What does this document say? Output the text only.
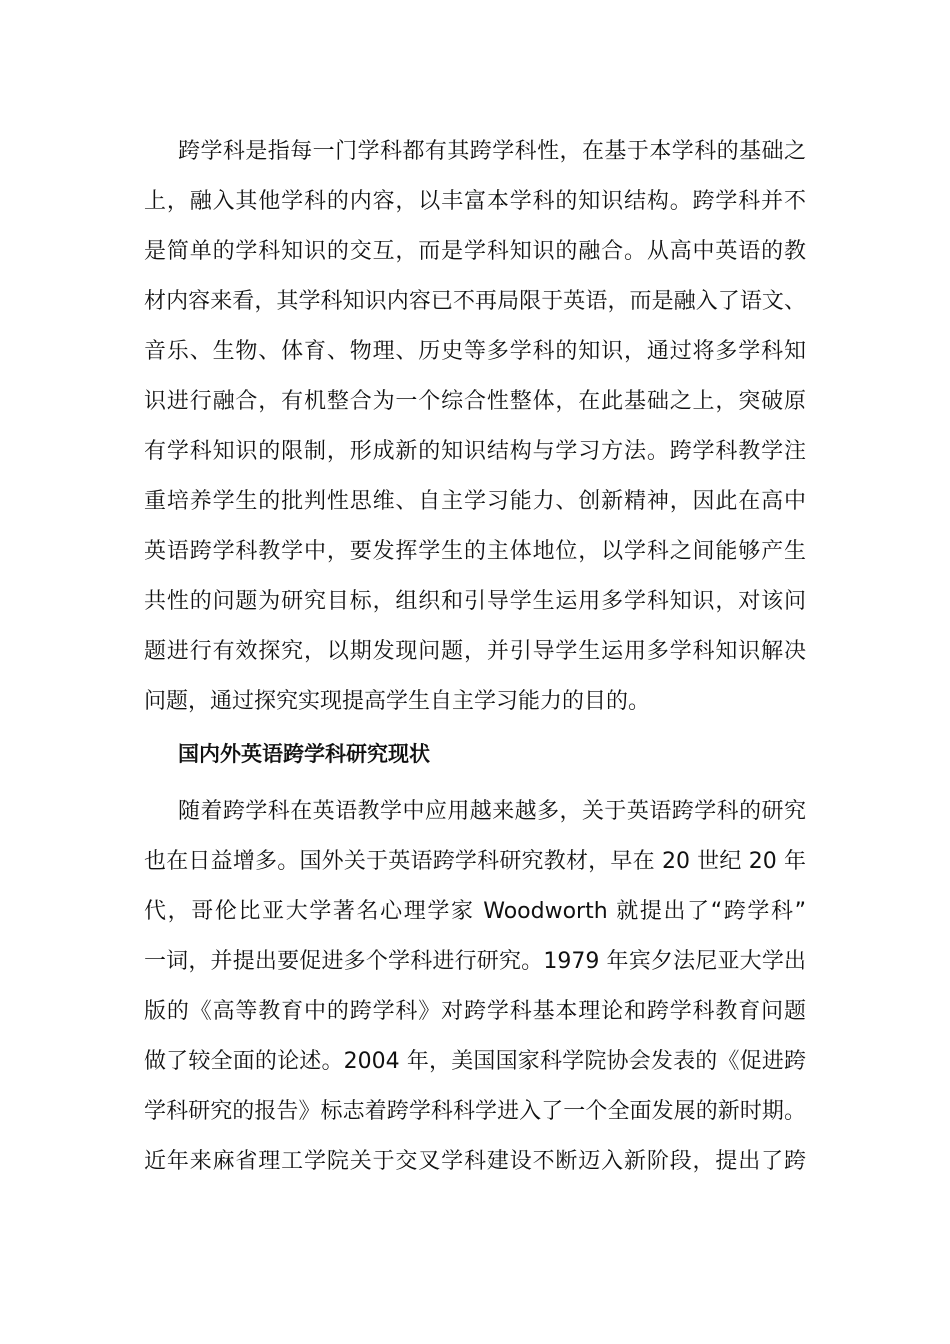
跨学科是指每一门学科都有其跨学科性，在基于本学科的基础之
上，融入其他学科的内容，以丰富本学科的知识结构。跨学科并不
是简单的学科知识的交互，而是学科知识的融合。从高中英语的教
材内容来看，其学科知识内容已不再局限于英语，而是融入了语文、
音乐、生物、体育、物理、历史等多学科的知识，通过将多学科知
识进行融合，有机整合为一个综合性整体，在此基础之上，突破原
有学科知识的限制，形成新的知识结构与学习方法。跨学科教学注
重培养学生的批判性思维、自主学习能力、创新精神，因此在高中
英语跨学科教学中，要发挥学生的主体地位，以学科之间能够产生
共性的问题为研究目标，组织和引导学生运用多学科知识，对该问
题进行有效探究，以期发现问题，并引导学生运用多学科知识解决
问题，通过探究实现提高学生自主学习能力的目的。
国内外英语跨学科研究现状
随着跨学科在英语教学中应用越来越多，关于英语跨学科的研究
也在日益增多。国外关于英语跨学科研究教材，早在 20 世纪 20 年
代，哥伦比亚大学著名心理学家 Woodworth 就提出了“跨学科”
一词，并提出要促进多个学科进行研究。1979 年宾夕法尼亚大学出
版的《高等教育中的跨学科》对跨学科基本理论和跨学科教育问题
做了较全面的论述。2004 年，美国国家科学院协会发表的《促进跨
学科研究的报告》标志着跨学科科学进入了一个全面发展的新时期。
近年来麻省理工学院关于交叉学科建设不断迈入新阶段，提出了跨
